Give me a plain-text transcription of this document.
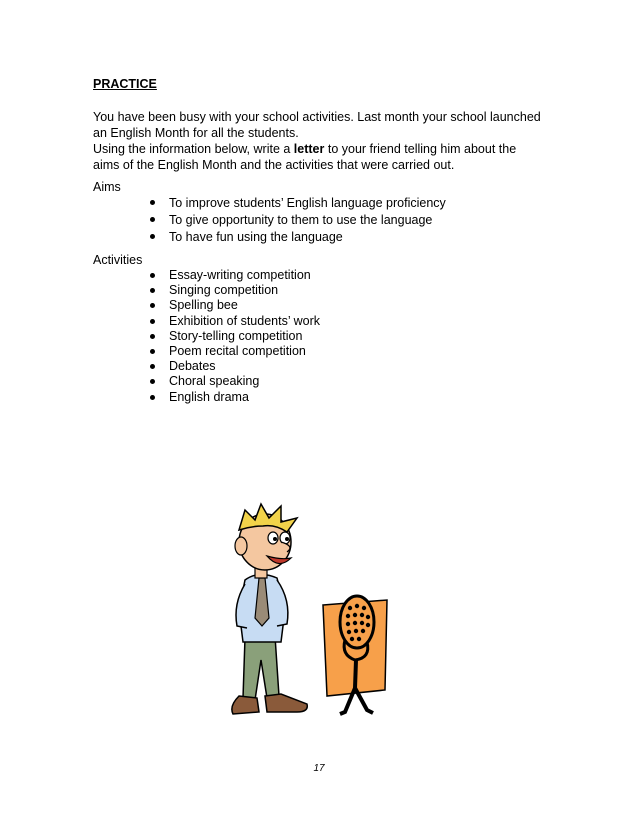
PRACTICE

You have been busy with your school activities. Last month your school launched

an English Month for all the students.

Using the information below, write a letter to your friend telling him about the

aims of the English Month and the activities that were carried out.

Aims
To improve students’ English language proficiency
To give opportunity to them to use the language
To have fun using the language
Activities
Essay-writing competition
Singing competition
Spelling bee
Exhibition of students’ work
Story-telling competition
Poem recital competition
Debates
Choral speaking
English drama
17
